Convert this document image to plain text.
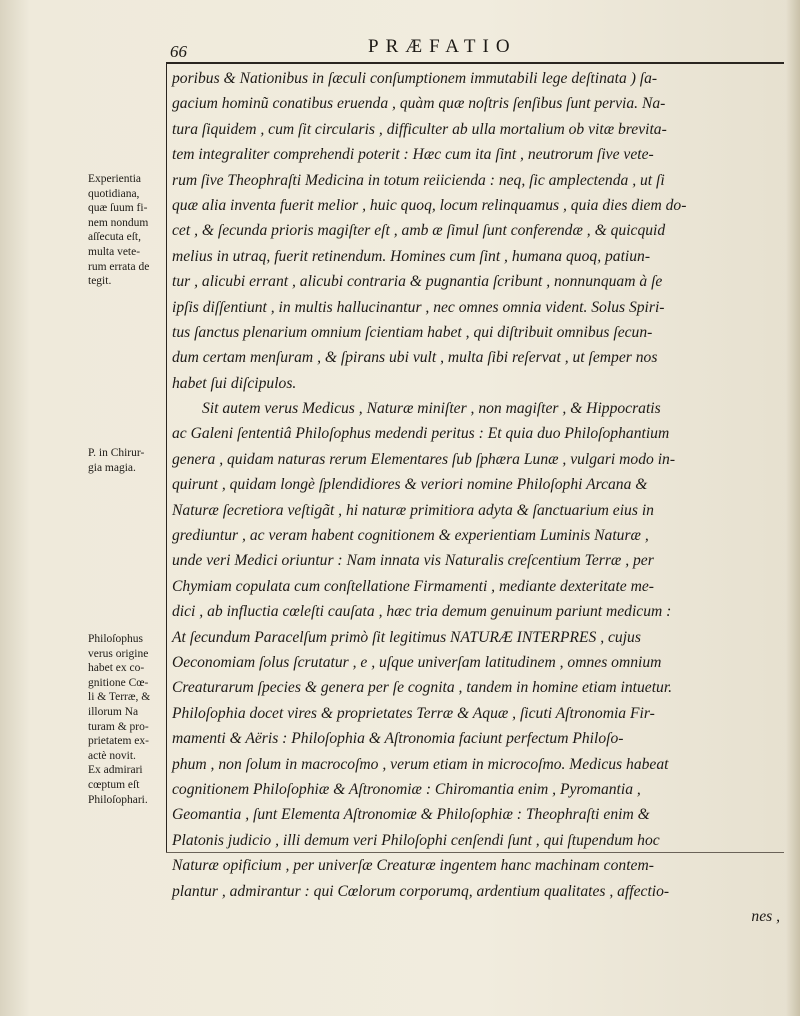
66	PRÆFATIO
poribus & Nationibus in ſæculi conſumptionem immutabili lege deſtinata ) ſa-
gacium hominũ conatibus eruenda , quàm quæ noſtris ſenſibus ſunt pervia. Na-
tura ſiquidem , cum ſit circularis , difficulter ab ulla mortalium ob vitæ brevita-
tem integraliter comprehendi poterit : Hæc cum ita ſint , neutrorum ſive vete-
rum ſive Theophraſti Medicina in totum reiicienda : neq, ſic amplectenda , ut ſi
quæ alia inventa fuerit melior , huic quoq, locum relinquamus , quia dies diem do-
cet , & ſecunda prioris magiſter eſt , amb æ ſimul ſunt conferendæ , & quicquid
melius in utraq, fuerit retinendum. Homines cum ſint , humana quoq, patiun-
tur , alicubi errant , alicubi contraria & pugnantia ſcribunt , nonnunquam à ſe
ipſis diſſentiunt , in multis hallucinantur , nec omnes omnia vident. Solus Spiri-
tus ſanctus plenarium omnium ſcientiam habet , qui diſtribuit omnibus ſecun-
dum certam menſuram , & ſpirans ubi vult , multa ſibi reſervat , ut ſemper nos
habet ſui diſcipulos.
Sit autem verus Medicus , Naturæ miniſter , non magiſter , & Hippocratis
ac Galeni ſententiâ Philoſophus medendi peritus : Et quia duo Philoſophantium
genera , quidam naturas rerum Elementares ſub ſphæra Lunæ , vulgari modo in-
quirunt , quidam longè ſplendidiores & veriori nomine Philoſophi Arcana &
Naturæ ſecretiora veſtigãt , hi naturæ primitiora adyta & ſanctuarium eius in
grediuntur , ac veram habent cognitionem & experientiam Luminis Naturæ ,
unde veri Medici oriuntur : Nam innata vis Naturalis creſcentium Terræ , per
Chymiam copulata cum conſtellatione Firmamenti , mediante dexteritate me-
dici , ab influctia cœleſti cauſata , hæc tria demum genuinum pariunt medicum :
At ſecundum Paracelſum primò ſit legitimus NATURÆ INTERPRES , cujus
Oeconomiam ſolus ſcrutatur , e , uſque univerſam latitudinem , omnes omnium
Creaturarum ſpecies & genera per ſe cognita , tandem in homine etiam intuetur.
Philoſophia docet vires & proprietates Terræ & Aquæ , ſicuti Aſtronomia Fir-
mamenti & Aëris : Philoſophia & Aſtronomia faciunt perfectum Philoſo-
phum , non ſolum in macrocoſmo , verum etiam in microcoſmo. Medicus habeat
cognitionem Philoſophiæ & Aſtronomiæ : Chiromantia enim , Pyromantia ,
Geomantia , ſunt Elementa Aſtronomiæ & Philoſophiæ : Theophraſti enim &
Platonis judicio , illi demum veri Philoſophi cenſendi ſunt , qui ſtupendum hoc
Naturæ opificium , per univerſæ Creaturæ ingentem hanc machinam contem-
plantur , admirantur : qui Cœlorum corporumq, ardentium qualitates , affectio-
nes ,
Experientia
quotidiana,
quæ ſuum fi-
nem nondum
aſſecuta eſt,
multa vete-
rum errata de
tegit.
P. in Chirur-
gia magia.
Philoſophus
verus origine
habet ex co-
gnitione Cœ-
li & Terræ, &
illorum Na
turam & pro-
prietatem ex-
actè novit.
Ex admirari
cœptum eſt
Philoſophari.
